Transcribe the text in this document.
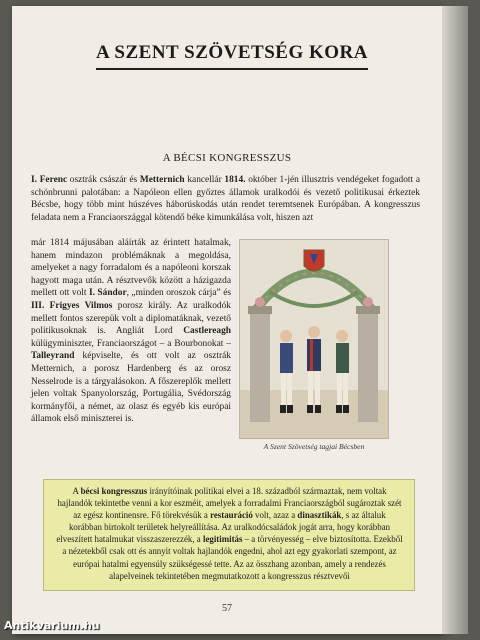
A SZENT SZÖVETSÉG KORA
A BÉCSI KONGRESSZUS
I. Ferenc osztrák császár és Metternich kancellár 1814. október 1-jén illusztris vendégeket fogadott a schönbrunni palotában: a Napóleon ellen győztes államok uralkodói és vezető politikusai érkeztek Bécsbe, hogy több mint húszéves háborúskodás után rendet teremtsenek Európában. A kongresszus feladata nem a Franciaországgal kötendő béke kimunkálása volt, hiszen azt
már 1814 májusában aláírták az érintett hatalmak, hanem mindazon problémáknak a megoldása, amelyeket a nagy forradalom és a napóleoni korszak hagyott maga után. A résztvevők között a házigazda mellett ott volt I. Sándor, „minden oroszok cárja” és III. Frigyes Vilmos porosz király. Az uralkodók mellett fontos szerepük volt a diplomatáknak, vezető politikusoknak is. Angliát Lord Castlereagh külügyminiszter, Franciaországot – a Bourbonokat – Talleyrand képviselte, és ott volt az osztrák Metternich, a porosz Hardenberg és az orosz Nesselrode is a tárgyalásokon. A főszereplők mellett jelen voltak Spanyolország, Portugália, Svédország kormányfői, a német, az olasz és egyéb kis európai államok első miniszterei is.
A Szent Szövetség tagjai Bécsben
A bécsi kongresszus irányítóinak politikai elvei a 18. századból származtak, nem voltak hajlandók tekintetbe venni a kor eszméit, amelyek a forradalmi Franciaországból sugároztak szét az egész kontinensre. Fő törekvésük a restauráció volt, azaz a dinasztikák, s az általuk korábban birtokolt területek helyreállítása. Az uralkodócsaládok jogát arra, hogy korábban elveszített hatalmukat visszaszerezzék, a legitimitás – a törvényesség – elve biztosította. Ezekből a nézetekből csak ott és annyit voltak hajlandók engedni, ahol azt egy gyakorlati szempont, az európai hatalmi egyensúly szükségessé tette. Az az összhang azonban, amely a rendezés alapelveinek tekintetében megmutatkozott a kongresszus résztvevői
57
Antikvarium.hu
